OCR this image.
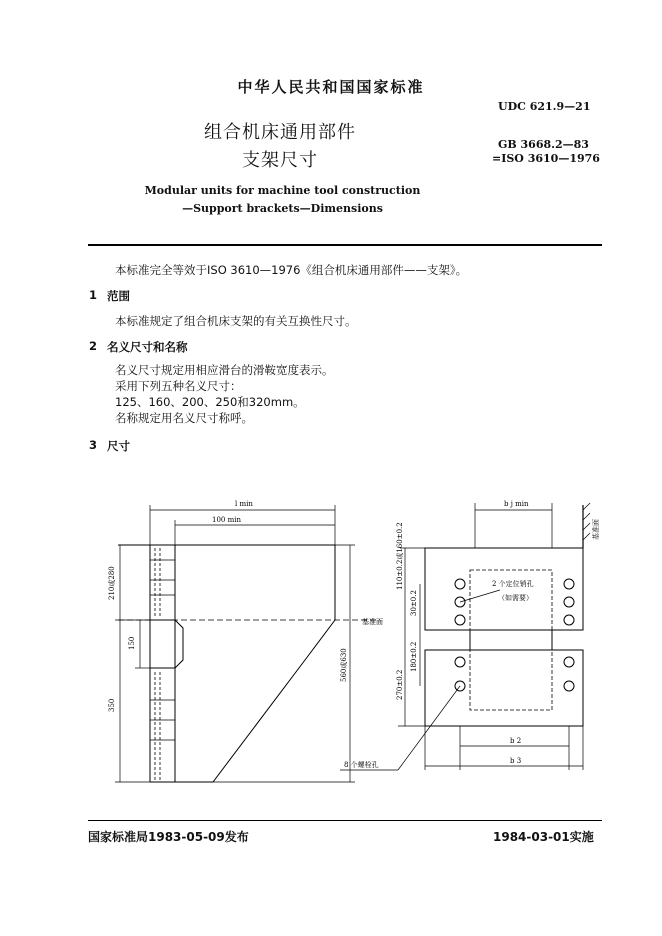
中华人民共和国国家标准
组合机床通用部件
支架尺寸
Modular units for machine tool construction
—Support brackets—Dimensions
UDC 621.9—21
GB 3668.2—83
=ISO 3610—1976
本标准完全等效于ISO 3610—1976《组合机床通用部件——支架》。
1 范围
本标准规定了组合机床支架的有关互换性尺寸。
2 名义尺寸和名称
名义尺寸规定用相应滑台的滑鞍宽度表示。
采用下列五种名义尺寸：
125、160、200、250和320mm。
名称规定用名义尺寸称呼。
3 尺寸
l min
100 min
210或280
150
350
560或630
b j min
基准面
110±0.2或160±0.2
30±0.2
2 个定位销孔
（如需要）
基准面
270±0.2
180±0.2
b 2
b 3
8 个螺栓孔
国家标准局1983-05-09发布	1984-03-01实施
